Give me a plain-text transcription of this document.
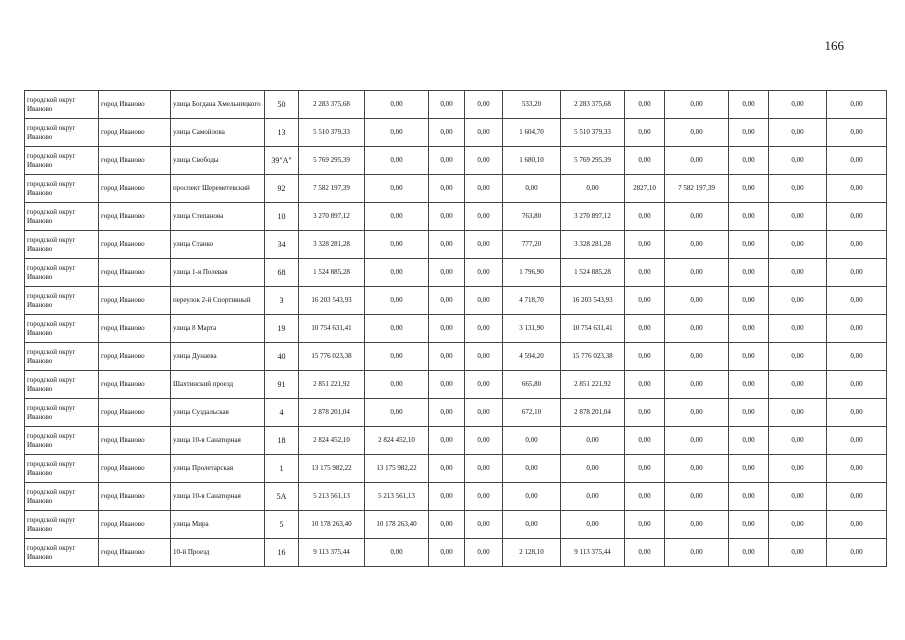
166
городской округ Иваново	город Иваново	улица Богдана Хмельницкого	50	2 283 375,68	0,00	0,00	0,00	533,20	2 283 375,68	0,00	0,00	0,00	0,00	0,00
городской округ Иваново	город Иваново	улица Самойлова	13	5 510 379,33	0,00	0,00	0,00	1 604,70	5 510 379,33	0,00	0,00	0,00	0,00	0,00
городской округ Иваново	город Иваново	улица Свободы	39"А"	5 769 295,39	0,00	0,00	0,00	1 680,10	5 769 295,39	0,00	0,00	0,00	0,00	0,00
городской округ Иваново	город Иваново	проспект Шереметевский	92	7 582 197,39	0,00	0,00	0,00	0,00	0,00	2827,10	7 582 197,39	0,00	0,00	0,00
городской округ Иваново	город Иваново	улица Степанова	10	3 270 897,12	0,00	0,00	0,00	763,80	3 270 897,12	0,00	0,00	0,00	0,00	0,00
городской округ Иваново	город Иваново	улица Станко	34	3 328 281,28	0,00	0,00	0,00	777,20	3 328 281,28	0,00	0,00	0,00	0,00	0,00
городской округ Иваново	город Иваново	улица 1-я Полевая	68	1 524 885,28	0,00	0,00	0,00	1 796,90	1 524 885,28	0,00	0,00	0,00	0,00	0,00
городской округ Иваново	город Иваново	переулок 2-й Спортивный	3	16 203 543,93	0,00	0,00	0,00	4 718,70	16 203 543,93	0,00	0,00	0,00	0,00	0,00
городской округ Иваново	город Иваново	улица 8 Марта	19	10 754 631,41	0,00	0,00	0,00	3 131,90	10 754 631,41	0,00	0,00	0,00	0,00	0,00
городской округ Иваново	город Иваново	улица Дунаева	40	15 776 023,38	0,00	0,00	0,00	4 594,20	15 776 023,38	0,00	0,00	0,00	0,00	0,00
городской округ Иваново	город Иваново	Шахтинский проезд	91	2 851 221,92	0,00	0,00	0,00	665,80	2 851 221,92	0,00	0,00	0,00	0,00	0,00
городской округ Иваново	город Иваново	улица Суздальская	4	2 878 201,04	0,00	0,00	0,00	672,10	2 878 201,04	0,00	0,00	0,00	0,00	0,00
городской округ Иваново	город Иваново	улица 10-я Санаторная	18	2 824 452,10	2 824 452,10	0,00	0,00	0,00	0,00	0,00	0,00	0,00	0,00	0,00
городской округ Иваново	город Иваново	улица Пролетарская	1	13 175 982,22	13 175 982,22	0,00	0,00	0,00	0,00	0,00	0,00	0,00	0,00	0,00
городской округ Иваново	город Иваново	улица 10-я Санаторная	5А	5 213 561,13	5 213 561,13	0,00	0,00	0,00	0,00	0,00	0,00	0,00	0,00	0,00
городской округ Иваново	город Иваново	улица Мира	5	10 178 263,40	10 178 263,40	0,00	0,00	0,00	0,00	0,00	0,00	0,00	0,00	0,00
городской округ Иваново	город Иваново	10-й Проезд	16	9 113 375,44	0,00	0,00	0,00	2 128,10	9 113 375,44	0,00	0,00	0,00	0,00	0,00
